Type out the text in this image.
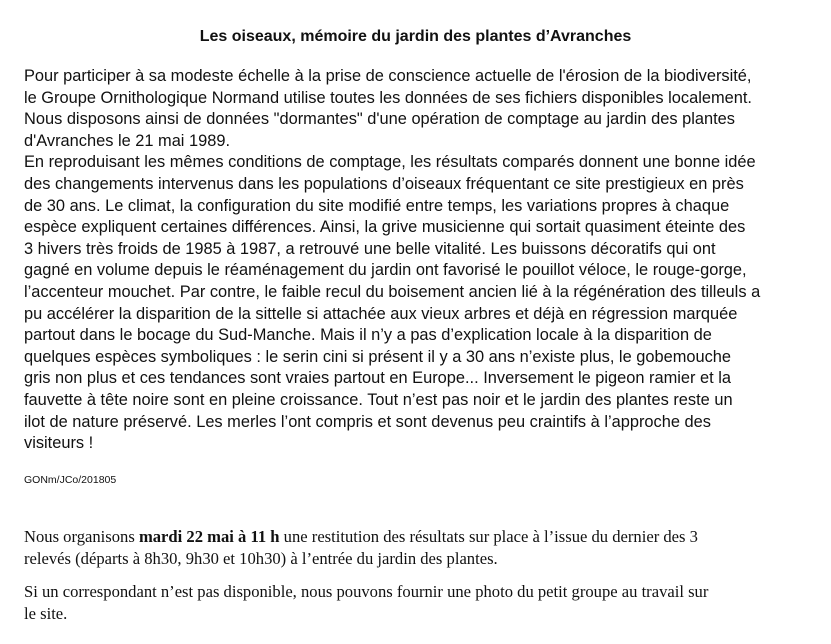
Les oiseaux, mémoire du jardin des plantes d’Avranches
Pour participer à sa modeste échelle à la prise de conscience actuelle de l'érosion de la biodiversité,
le Groupe Ornithologique Normand utilise toutes les données de ses fichiers disponibles localement.
Nous disposons ainsi de données "dormantes" d'une opération de comptage au jardin des plantes
d'Avranches le 21 mai 1989.
En reproduisant les mêmes conditions de comptage, les résultats comparés donnent une bonne idée
des changements intervenus dans les populations d’oiseaux fréquentant ce site prestigieux en près
de 30 ans. Le climat, la configuration du site modifié entre temps, les variations propres à chaque
espèce expliquent certaines différences. Ainsi, la grive musicienne qui sortait quasiment éteinte des
3 hivers très froids de 1985 à 1987, a retrouvé une belle vitalité. Les buissons décoratifs qui ont
gagné en volume depuis le réaménagement du jardin ont favorisé le pouillot véloce, le rouge-gorge,
l’accenteur mouchet. Par contre, le faible recul du boisement ancien lié à la régénération des tilleuls a
pu accélérer la disparition de la sittelle si attachée aux vieux arbres et déjà en régression marquée
partout dans le bocage du Sud-Manche. Mais il n’y a pas d’explication locale à la disparition de
quelques espèces symboliques : le serin cini si présent il y a 30 ans n’existe plus, le gobemouche
gris non plus et ces tendances sont vraies partout en Europe... Inversement le pigeon ramier et la
fauvette à tête noire sont en pleine croissance. Tout n’est pas noir et le jardin des plantes reste un
ilot de nature préservé. Les merles l’ont compris et sont devenus peu craintifs à l’approche des
visiteurs !
GONm/JCo/201805
Nous organisons mardi 22 mai à 11 h une restitution des résultats sur place à l’issue du dernier des 3
relevés (départs à 8h30, 9h30 et 10h30) à l’entrée du jardin des plantes.
Si un correspondant n’est pas disponible, nous pouvons fournir une photo du petit groupe au travail sur
le site.
